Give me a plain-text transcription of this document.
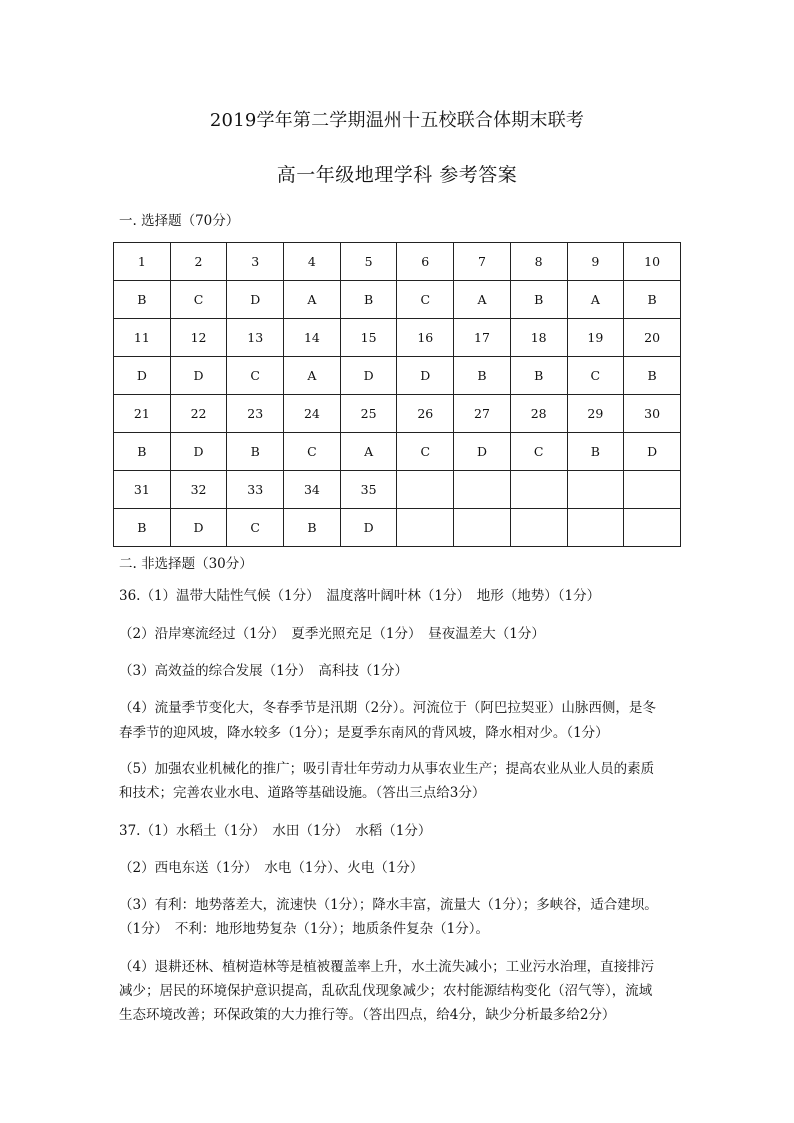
2019学年第二学期温州十五校联合体期末联考
高一年级地理学科 参考答案
一. 选择题（70分）
1	2	3	4	5	6	7	8	9	10
B	C	D	A	B	C	A	B	A	B
11	12	13	14	15	16	17	18	19	20
D	D	C	A	D	D	B	B	C	B
21	22	23	24	25	26	27	28	29	30
B	D	B	C	A	C	D	C	B	D
31	32	33	34	35					
B	D	C	B	D					
二. 非选择题（30分）
36.（1）温带大陆性气候（1分）　温度落叶阔叶林（1分）　地形（地势）（1分）
（2）沿岸寒流经过（1分）　夏季光照充足（1分）　昼夜温差大（1分）
（3）高效益的综合发展（1分）　高科技（1分）
（4）流量季节变化大，冬春季节是汛期（2分）。河流位于（阿巴拉契亚）山脉西侧，是冬
春季节的迎风坡，降水较多（1分）；是夏季东南风的背风坡，降水相对少。（1分）
（5）加强农业机械化的推广；吸引青壮年劳动力从事农业生产；提高农业从业人员的素质
和技术；完善农业水电、道路等基础设施。（答出三点给3分）
37.（1）水稻土（1分）　水田（1分）　水稻（1分）
（2）西电东送（1分）　水电（1分）、火电（1分）
（3）有利：地势落差大，流速快（1分）；降水丰富，流量大（1分）；多峡谷，适合建坝。
（1分）　不利：地形地势复杂（1分）；地质条件复杂（1分）。
（4）退耕还林、植树造林等是植被覆盖率上升，水土流失减小；工业污水治理，直接排污
减少；居民的环境保护意识提高，乱砍乱伐现象减少；农村能源结构变化（沼气等），流域
生态环境改善；环保政策的大力推行等。（答出四点，给4分，缺少分析最多给2分）
